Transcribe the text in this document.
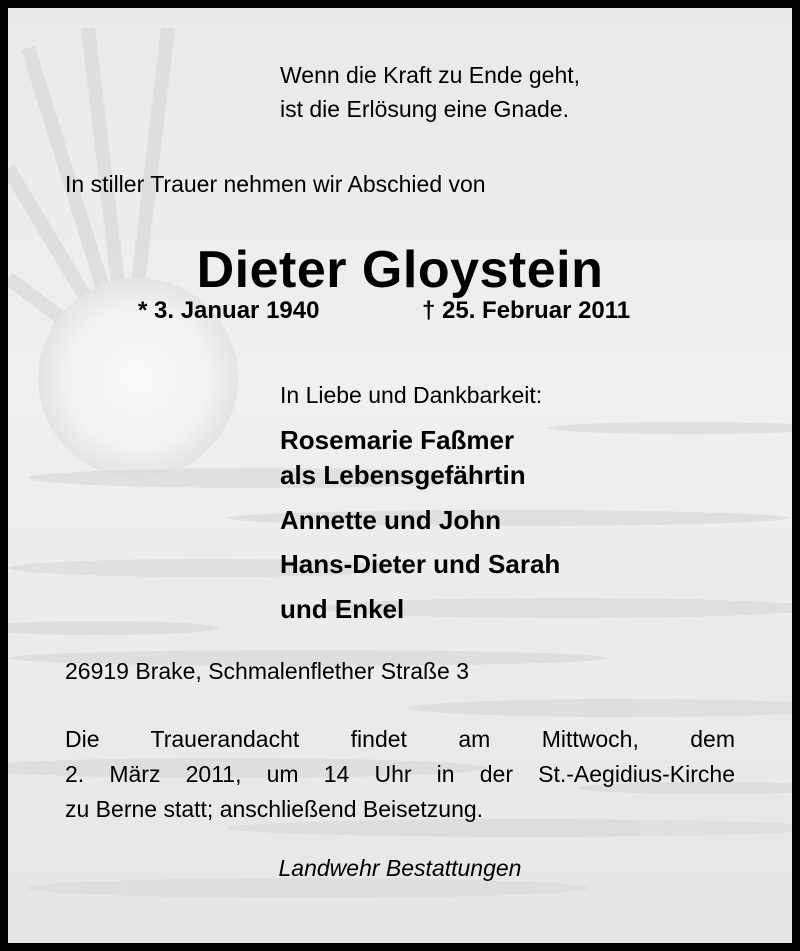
Wenn die Kraft zu Ende geht,
ist die Erlösung eine Gnade.
In stiller Trauer nehmen wir Abschied von
Dieter Gloystein
* 3. Januar 1940	† 25. Februar 2011
In Liebe und Dankbarkeit:
Rosemarie Faßmer
als Lebensgefährtin
Annette und John
Hans-Dieter und Sarah
und Enkel
26919 Brake, Schmalenflether Straße 3
Die Trauerandacht findet am Mittwoch, dem
2. März 2011, um 14 Uhr in der St.-Aegidius-Kirche
zu Berne statt; anschließend Beisetzung.
Landwehr Bestattungen
